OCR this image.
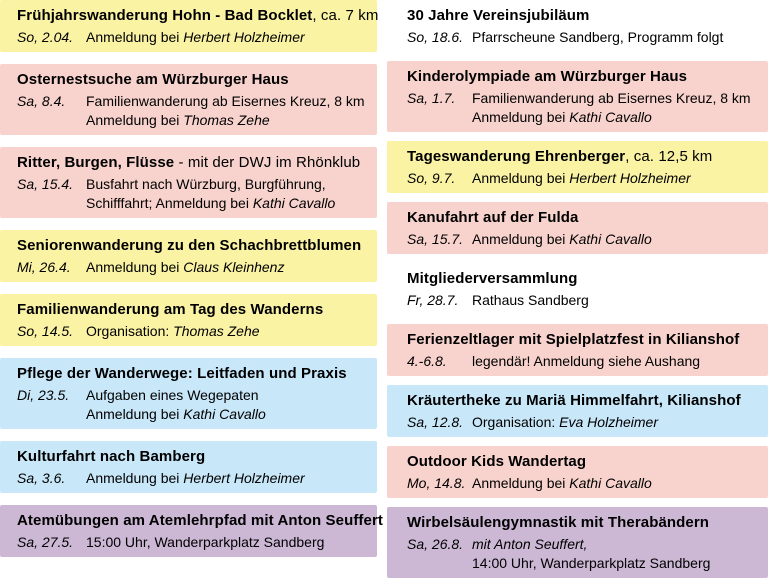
Frühjahrswanderung Hohn - Bad Bocklet, ca. 7 km
So, 2.04. Anmeldung bei Herbert Holzheimer
Osternestsuche am Würzburger Haus
Sa, 8.4.	Familienwanderung ab Eisernes Kreuz, 8 km
Anmeldung bei Thomas Zehe
Ritter, Burgen, Flüsse - mit der DWJ im Rhönklub
Sa, 15.4. Busfahrt nach Würzburg, Burgführung,
Schifffahrt; Anmeldung bei Kathi Cavallo
Seniorenwanderung zu den Schachbrettblumen
Mi, 26.4.	Anmeldung bei Claus Kleinhenz
Familienwanderung am Tag des Wanderns
So, 14.5. Organisation: Thomas Zehe
Pflege der Wanderwege: Leitfaden und Praxis
Di, 23.5.	Aufgaben eines Wegepaten
Anmeldung bei Kathi Cavallo
Kulturfahrt nach Bamberg
Sa, 3.6.	Anmeldung bei Herbert Holzheimer
Atemübungen am Atemlehrpfad mit Anton Seuffert
Sa, 27.5. 15:00 Uhr, Wanderparkplatz Sandberg
30 Jahre Vereinsjubiläum
So, 18.6. Pfarrscheune Sandberg, Programm folgt
Kinderolympiade am Würzburger Haus
Sa, 1.7.	Familienwanderung ab Eisernes Kreuz, 8 km
Anmeldung bei Kathi Cavallo
Tageswanderung Ehrenberger, ca. 12,5 km
So, 9.7.	Anmeldung bei Herbert Holzheimer
Kanufahrt auf der Fulda
Sa, 15.7. Anmeldung bei Kathi Cavallo
Mitgliederversammlung
Fr, 28.7. Rathaus Sandberg
Ferienzeltlager mit Spielplatzfest in Kilianshof
4.-6.8.	legendär! Anmeldung siehe Aushang
Kräutertheke zu Mariä Himmelfahrt, Kilianshof
Sa, 12.8. Organisation: Eva Holzheimer
Outdoor Kids Wandertag
Mo, 14.8. Anmeldung bei Kathi Cavallo
Wirbelsäulengymnastik mit Therabändern
Sa, 26.8. mit Anton Seuffert,
14:00 Uhr, Wanderparkplatz Sandberg
